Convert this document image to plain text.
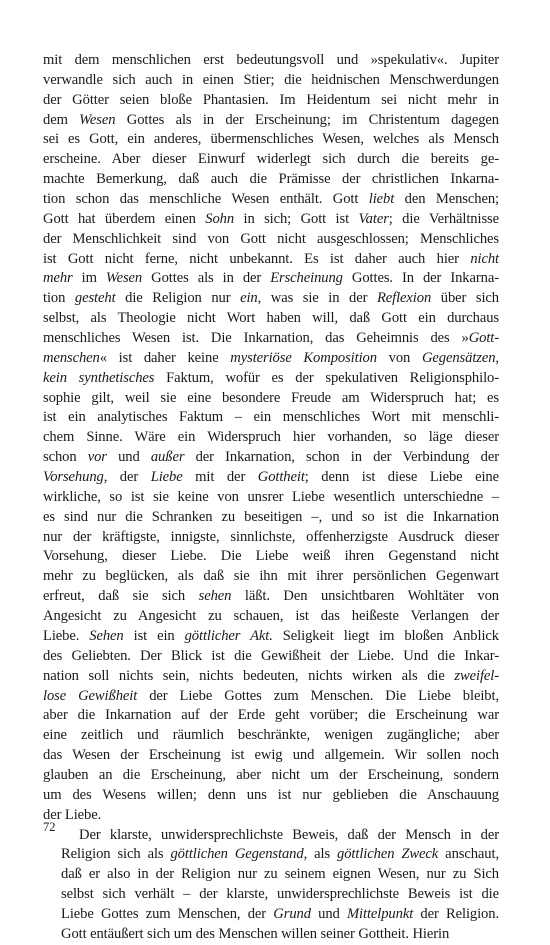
mit dem menschlichen erst bedeutungsvoll und »spekulativ«. Jupiter
verwandle sich auch in einen Stier; die heidnischen Menschwerdungen
der Götter seien bloße Phantasien. Im Heidentum sei nicht mehr in
dem Wesen Gottes als in der Erscheinung; im Christentum dagegen
sei es Gott, ein anderes, übermenschliches Wesen, welches als Mensch
erscheine. Aber dieser Einwurf widerlegt sich durch die bereits ge-
machte Bemerkung, daß auch die Prämisse der christlichen Inkarna-
tion schon das menschliche Wesen enthält. Gott liebt den Menschen;
Gott hat überdem einen Sohn in sich; Gott ist Vater; die Verhältnisse
der Menschlichkeit sind von Gott nicht ausgeschlossen; Menschliches
ist Gott nicht ferne, nicht unbekannt. Es ist daher auch hier nicht
mehr im Wesen Gottes als in der Erscheinung Gottes. In der Inkarna-
tion gesteht die Religion nur ein, was sie in der Reflexion über sich
selbst, als Theologie nicht Wort haben will, daß Gott ein durchaus
menschliches Wesen ist. Die Inkarnation, das Geheimnis des »Gott-
menschen« ist daher keine mysteriöse Komposition von Gegensätzen,
kein synthetisches Faktum, wofür es der spekulativen Religionsphilo-
sophie gilt, weil sie eine besondere Freude am Widerspruch hat; es
ist ein analytisches Faktum – ein menschliches Wort mit menschli-
chem Sinne. Wäre ein Widerspruch hier vorhanden, so läge dieser
schon vor und außer der Inkarnation, schon in der Verbindung der
Vorsehung, der Liebe mit der Gottheit; denn ist diese Liebe eine
wirkliche, so ist sie keine von unsrer Liebe wesentlich unterschiedne –
es sind nur die Schranken zu beseitigen –, und so ist die Inkarnation
nur der kräftigste, innigste, sinnlichste, offenherzigste Ausdruck dieser
Vorsehung, dieser Liebe. Die Liebe weiß ihren Gegenstand nicht
mehr zu beglücken, als daß sie ihn mit ihrer persönlichen Gegenwart
erfreut, daß sie sich sehen läßt. Den unsichtbaren Wohltäter von
Angesicht zu Angesicht zu schauen, ist das heißeste Verlangen der
Liebe. Sehen ist ein göttlicher Akt. Seligkeit liegt im bloßen Anblick
des Geliebten. Der Blick ist die Gewißheit der Liebe. Und die Inkar-
nation soll nichts sein, nichts bedeuten, nichts wirken als die zweifel-
lose Gewißheit der Liebe Gottes zum Menschen. Die Liebe bleibt,
aber die Inkarnation auf der Erde geht vorüber; die Erscheinung war
eine zeitlich und räumlich beschränkte, wenigen zugängliche; aber
das Wesen der Erscheinung ist ewig und allgemein. Wir sollen noch
glauben an die Erscheinung, aber nicht um der Erscheinung, sondern
um des Wesens willen; denn uns ist nur geblieben die Anschauung
der Liebe.
Der klarste, unwidersprechlichste Beweis, daß der Mensch in der
Religion sich als göttlichen Gegenstand, als göttlichen Zweck anschaut,
daß er also in der Religion nur zu seinem eignen Wesen, nur zu Sich
selbst sich verhält – der klarste, unwidersprechlichste Beweis ist die
Liebe Gottes zum Menschen, der Grund und Mittelpunkt der Religion.
Gott entäußert sich um des Menschen willen seiner Gottheit. Hierin
72
